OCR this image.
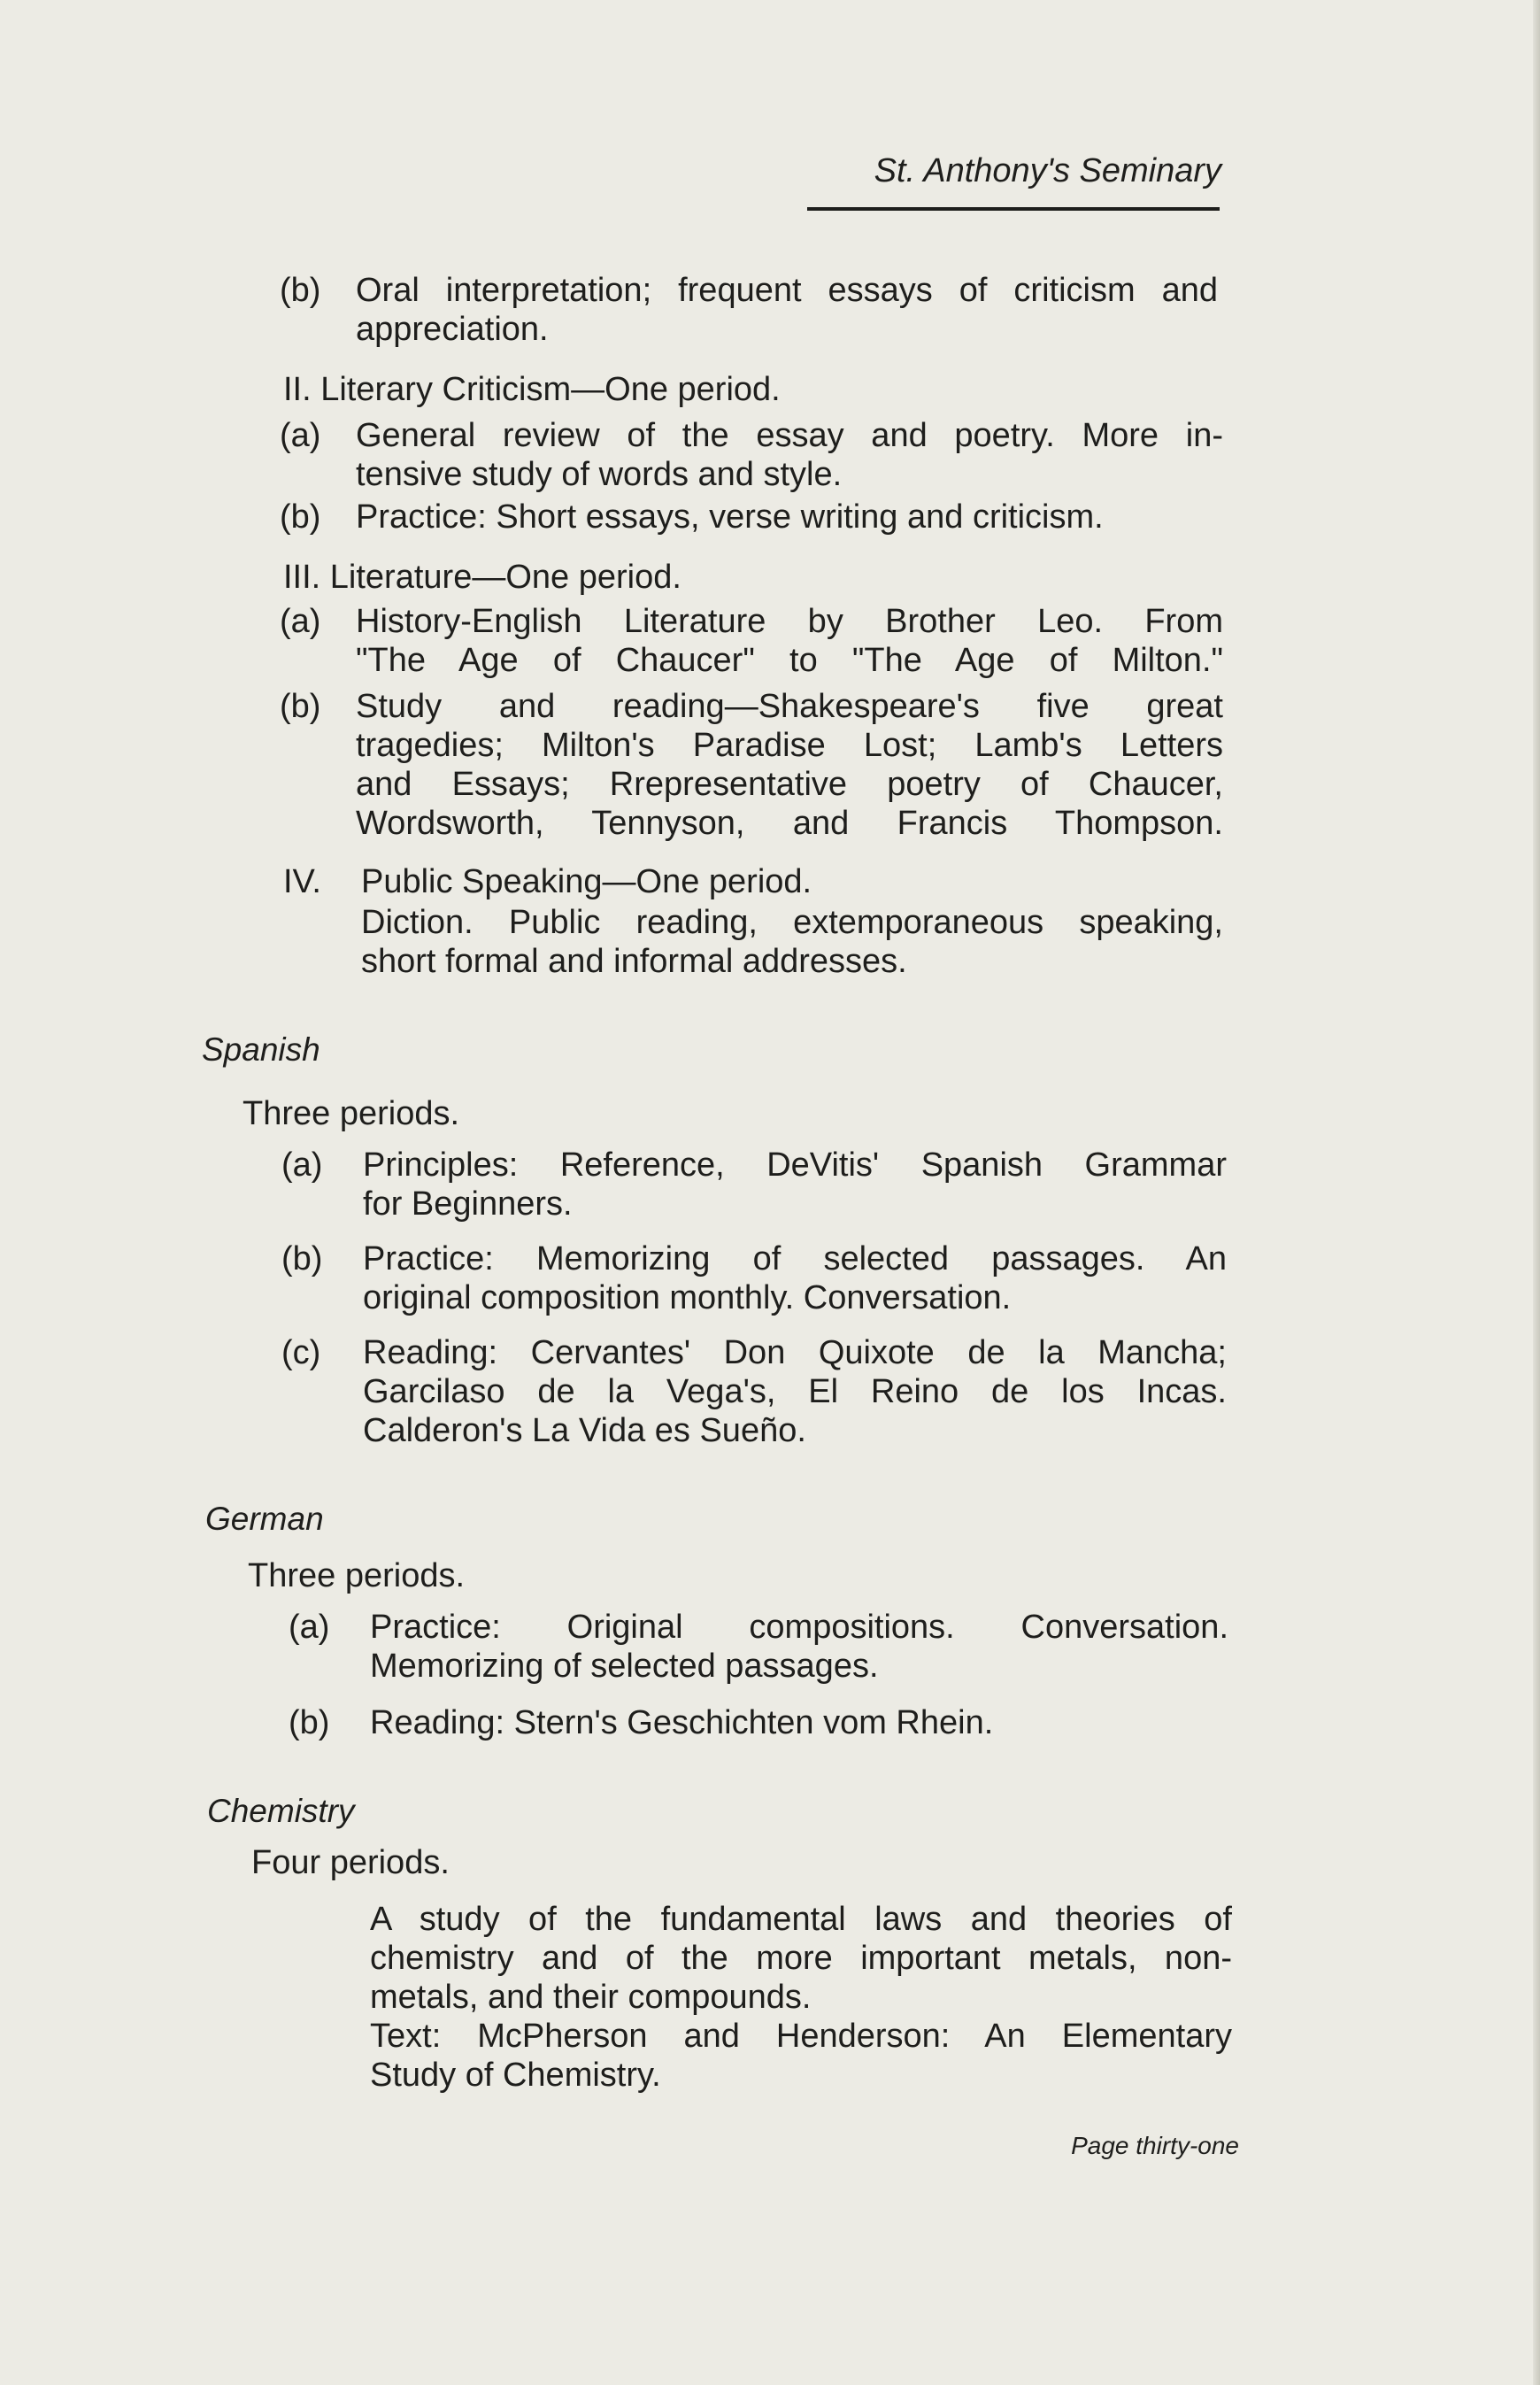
St. Anthony's Seminary
(b) Oral interpretation; frequent essays of criticism and
appreciation.
II. Literary Criticism—One period.
(a) General review of the essay and poetry. More in-
tensive study of words and style.
(b) Practice: Short essays, verse writing and criticism.
III. Literature—One period.
(a) History-English Literature by Brother Leo. From
"The Age of Chaucer" to "The Age of Milton."
(b) Study and reading—Shakespeare's five great
tragedies; Milton's Paradise Lost; Lamb's Letters
and Essays; Rrepresentative poetry of Chaucer,
Wordsworth, Tennyson, and Francis Thompson.
IV. Public Speaking—One period.
Diction. Public reading, extemporaneous speaking,
short formal and informal addresses.
Spanish
Three periods.
(a) Principles: Reference, DeVitis' Spanish Grammar
for Beginners.
(b) Practice: Memorizing of selected passages. An
original composition monthly. Conversation.
(c) Reading: Cervantes' Don Quixote de la Mancha;
Garcilaso de la Vega's, El Reino de los Incas.
Calderon's La Vida es Sueño.
German
Three periods.
(a) Practice: Original compositions. Conversation.
Memorizing of selected passages.
(b) Reading: Stern's Geschichten vom Rhein.
Chemistry
Four periods.
A study of the fundamental laws and theories of
chemistry and of the more important metals, non-
metals, and their compounds.
Text: McPherson and Henderson: An Elementary
Study of Chemistry.
Page thirty-one
